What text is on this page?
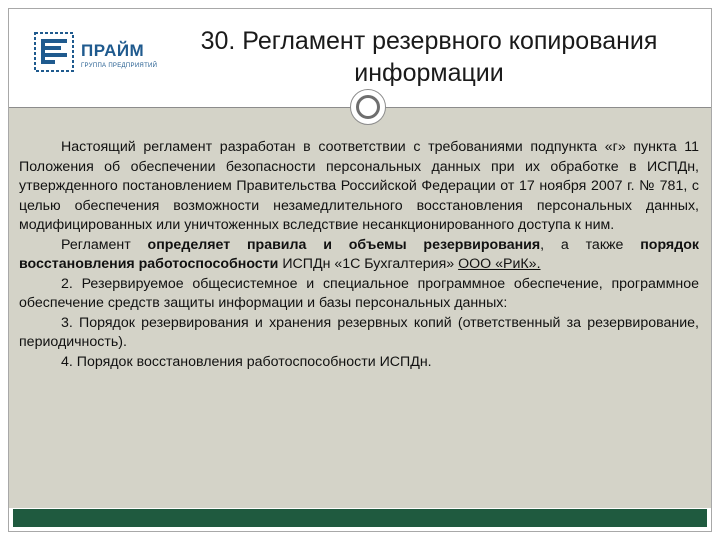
ПРАЙМ
ГРУППА ПРЕДПРИЯТИЙ
30. Регламент резервного копирования
информации

Настоящий регламент разработан в соответствии с требованиями подпункта «г» пункта 11 Положения об обеспечении безопасности персональных данных при их обработке в ИСПДн, утвержденного постановлением Правительства Российской Федерации от 17 ноября 2007 г. № 781, с целью обеспечения возможности незамедлительного восстановления персональных данных, модифицированных или уничтоженных вследствие несанкционированного доступа к ним.

Регламент определяет правила и объемы резервирования, а также порядок восстановления работоспособности ИСПДн «1С Бухгалтерия» ООО «РиК».

2. Резервируемое общесистемное и специальное программное обеспечение, программное обеспечение средств защиты информации и базы персональных данных:

3. Порядок резервирования и хранения резервных копий (ответственный за резервирование, периодичность).

4. Порядок восстановления работоспособности ИСПДн.
